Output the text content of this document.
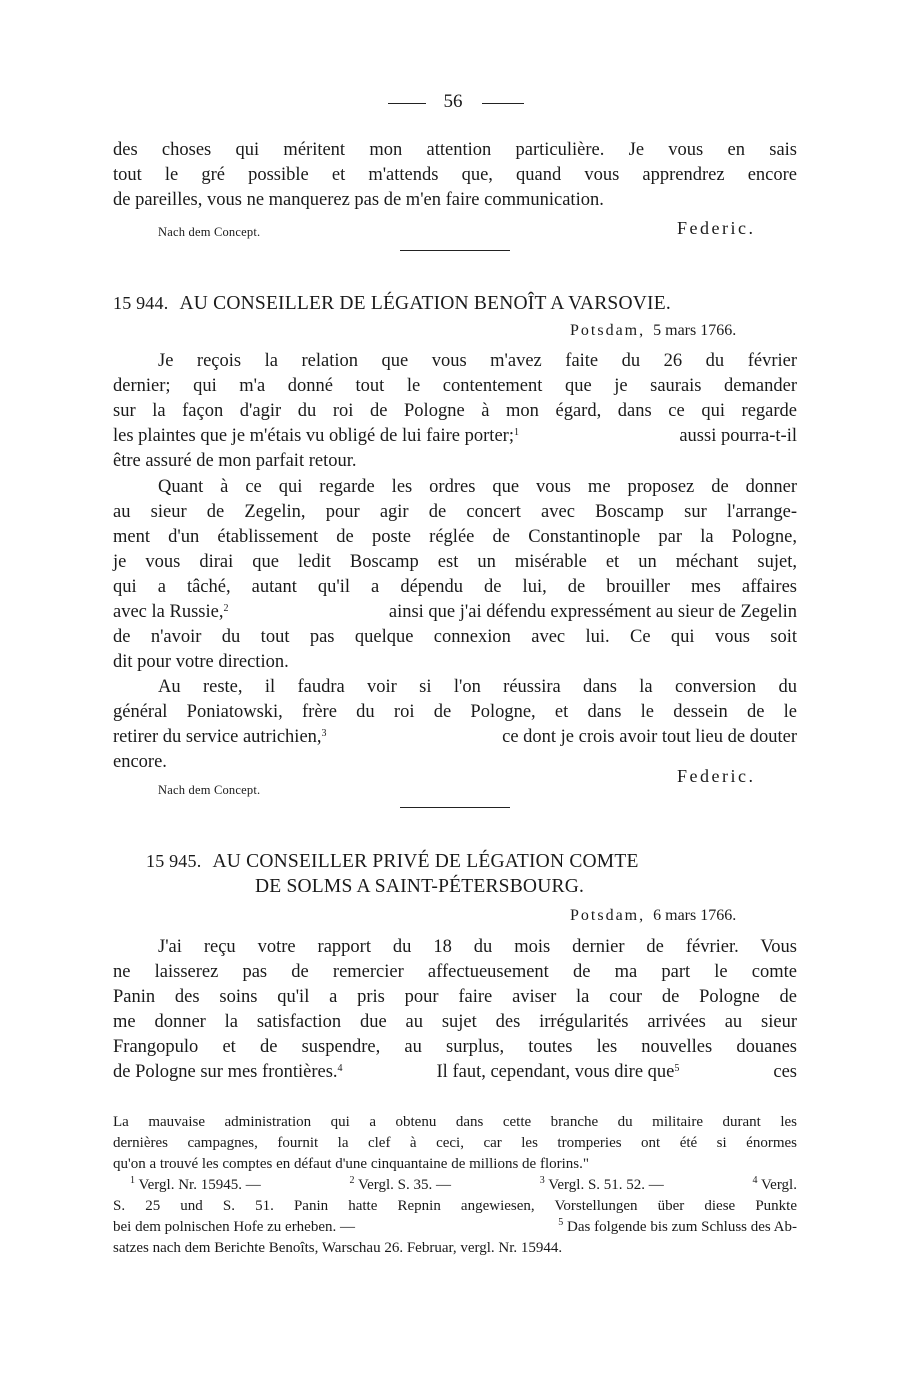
56
des choses qui méritent mon attention particulière. Je vous en sais
tout le gré possible et m'attends que, quand vous apprendrez encore
de pareilles, vous ne manquerez pas de m'en faire communication.
Nach dem Concept.	Federic.
15 944. AU CONSEILLER DE LÉGATION BENOÎT A VARSOVIE.
Potsdam, 5 mars 1766.
Je reçois la relation que vous m'avez faite du 26 du février
dernier; qui m'a donné tout le contentement que je saurais demander
sur la façon d'agir du roi de Pologne à mon égard, dans ce qui regarde
les plaintes que je m'étais vu obligé de lui faire porter;$^1$	aussi pourra-t-il
être assuré de mon parfait retour.
Quant à ce qui regarde les ordres que vous me proposez de donner
au sieur de Zegelin, pour agir de concert avec Boscamp sur l'arrange-
ment d'un établissement de poste réglée de Constantinople par la Pologne,
je vous dirai que ledit Boscamp est un misérable et un méchant sujet,
qui a tâché, autant qu'il a dépendu de lui, de brouiller mes affaires
avec la Russie,$^2$	ainsi que j'ai défendu expressément au sieur de Zegelin
de n'avoir du tout pas quelque connexion avec lui. Ce qui vous soit
dit pour votre direction.
Au reste, il faudra voir si l'on réussira dans la conversion du
général Poniatowski, frère du roi de Pologne, et dans le dessein de le
retirer du service autrichien,$^3$	ce dont je crois avoir tout lieu de douter
encore.
Federic.
Nach dem Concept.
15 945. AU CONSEILLER PRIVÉ DE LÉGATION COMTE
DE SOLMS A SAINT-PÉTERSBOURG.
Potsdam, 6 mars 1766.
J'ai reçu votre rapport du 18 du mois dernier de février. Vous
ne laisserez pas de remercier affectueusement de ma part le comte
Panin des soins qu'il a pris pour faire aviser la cour de Pologne de
me donner la satisfaction due au sujet des irrégularités arrivées au sieur
Frangopulo et de suspendre, au surplus, toutes les nouvelles douanes
de Pologne sur mes frontières.$^4$	Il faut, cependant, vous dire que$^5$	ces
La mauvaise administration qui a obtenu dans cette branche du militaire durant les
dernières campagnes, fournit la clef à ceci, car les tromperies ont été si énormes
qu'on a trouvé les comptes en défaut d'une cinquantaine de millions de florins."
$^1$ Vergl. Nr. 15945. —	$^2$ Vergl. S. 35. —	$^3$ Vergl. S. 51. 52. —	$^4$ Vergl.
S. 25 und S. 51. Panin hatte Repnin angewiesen, Vorstellungen über diese Punkte
bei dem polnischen Hofe zu erheben. —	$^5$ Das folgende bis zum Schluss des Ab-
satzes nach dem Berichte Benoîts, Warschau 26. Februar, vergl. Nr. 15944.
